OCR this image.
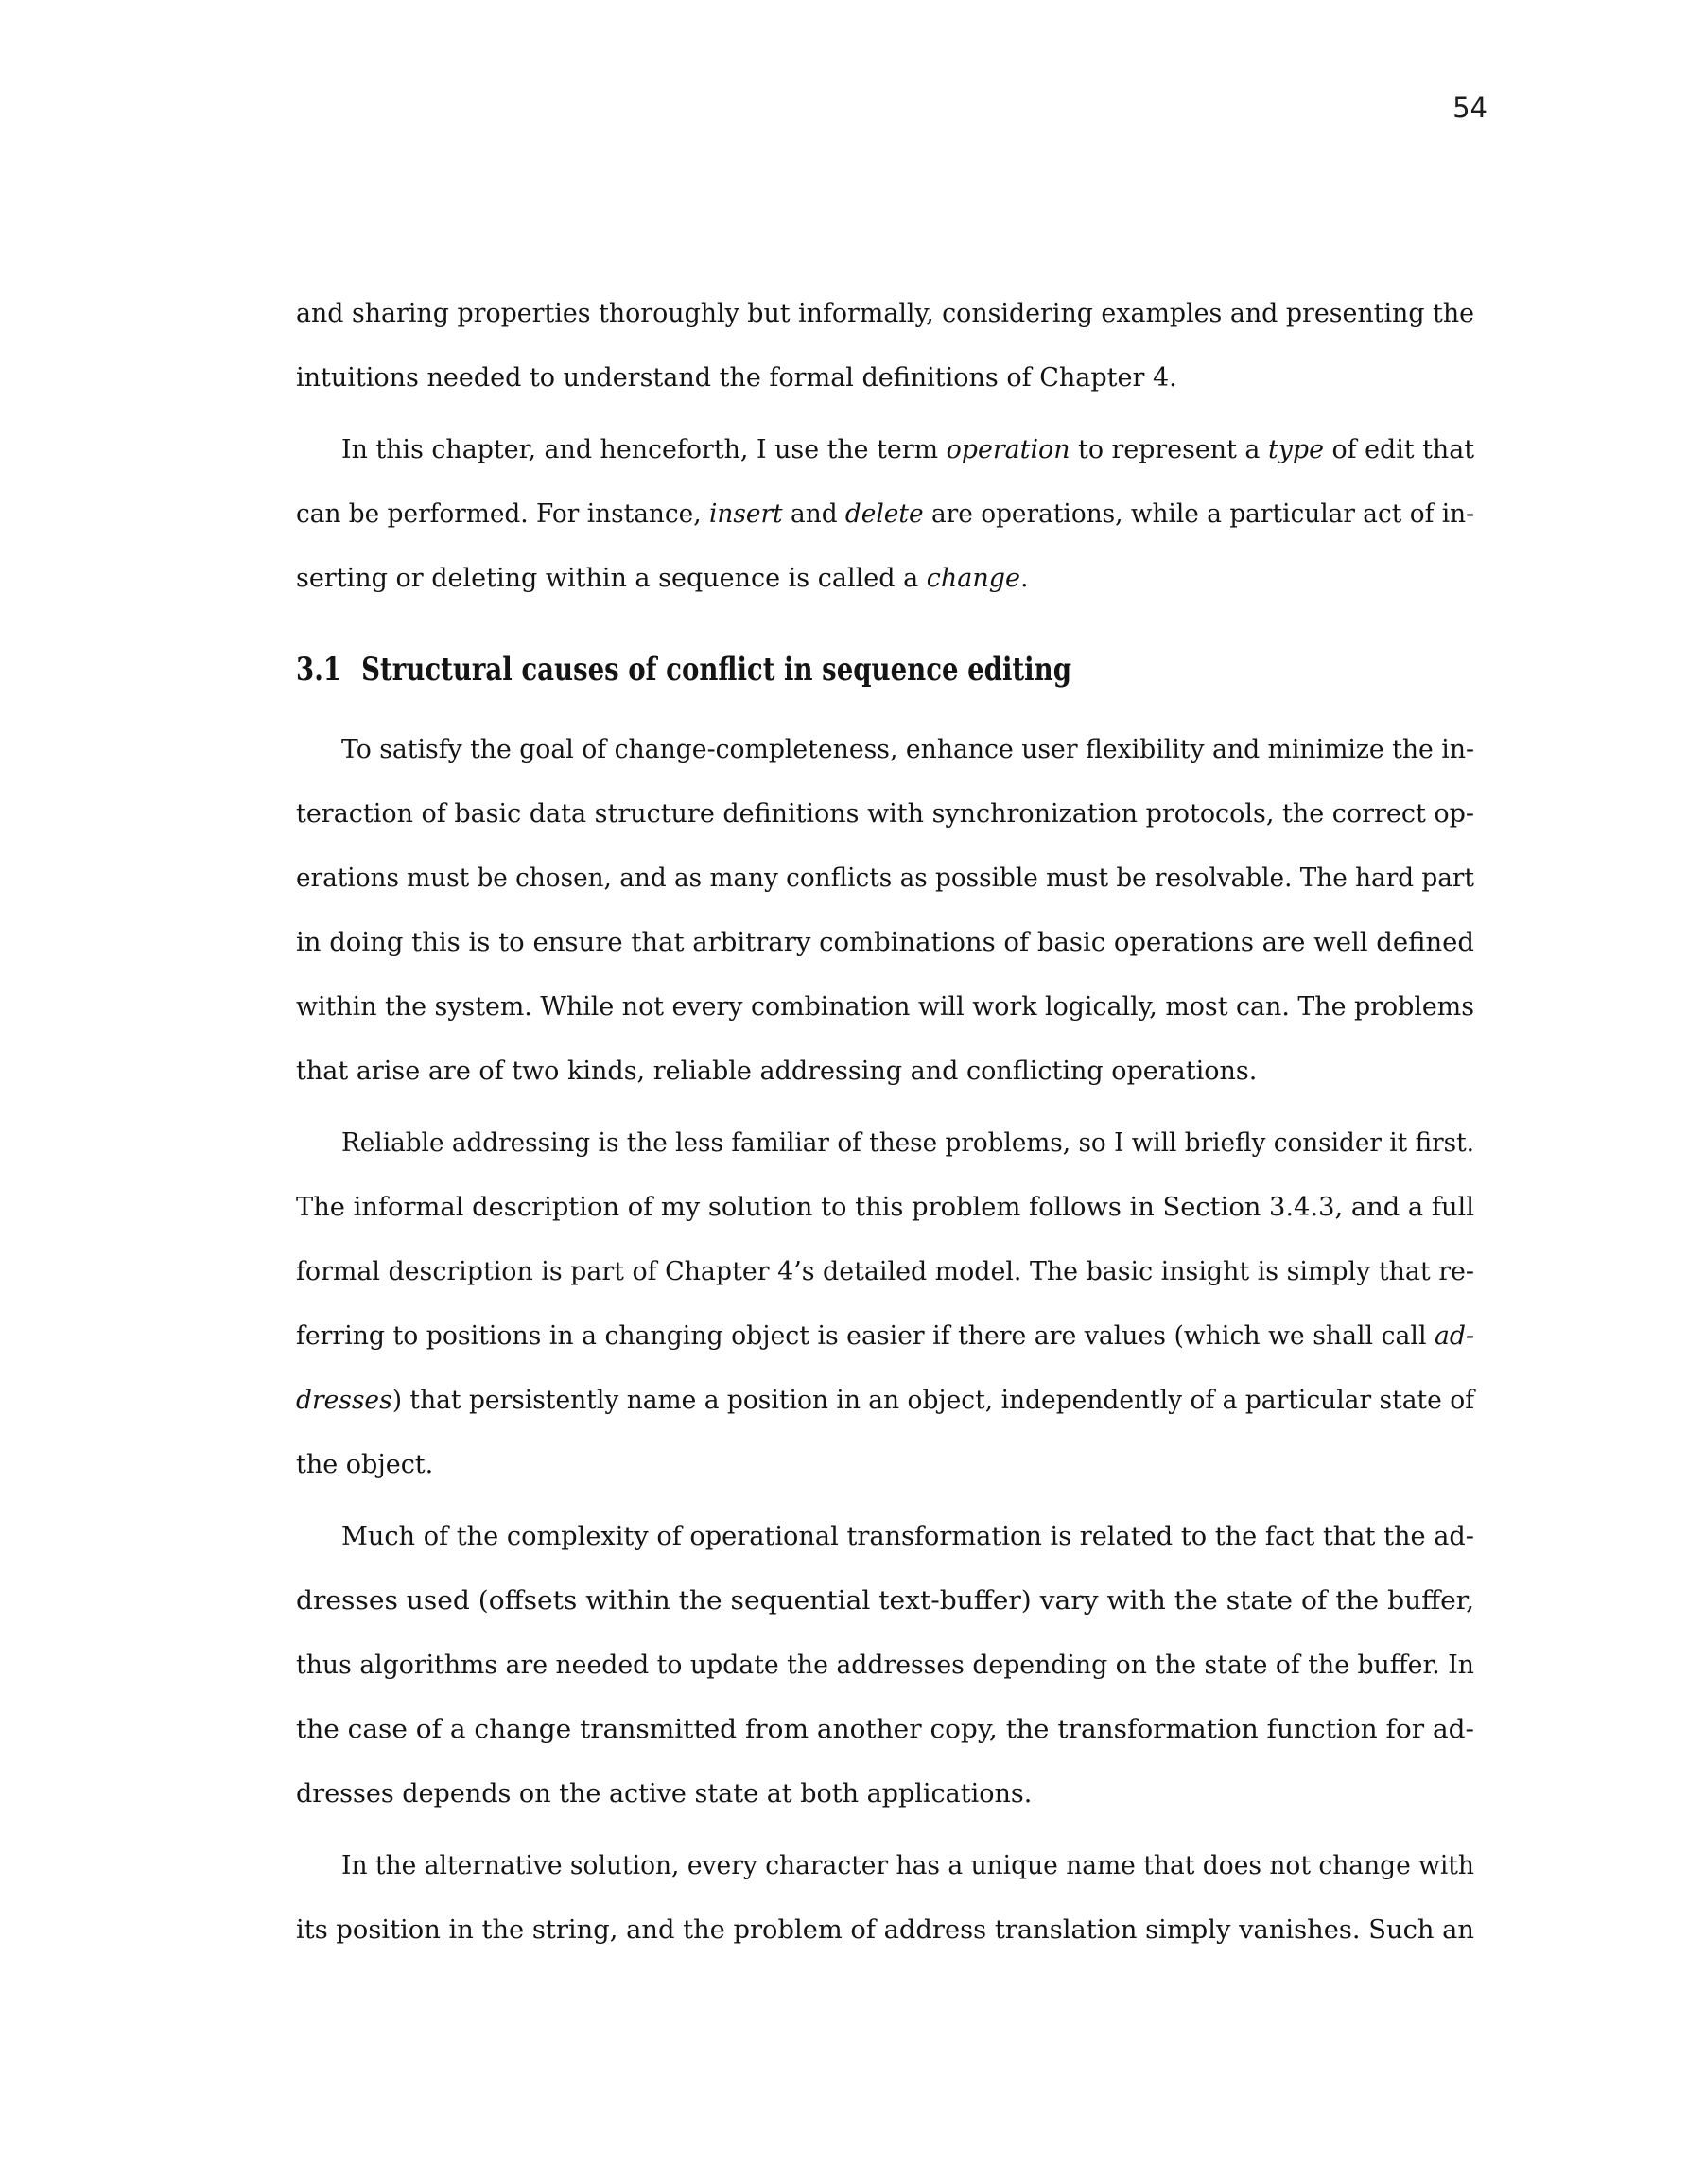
54
and sharing properties thoroughly but informally, considering examples and presenting the
intuitions needed to understand the formal definitions of Chapter 4.
In this chapter, and henceforth, I use the term operation to represent a type of edit that
can be performed. For instance, insert and delete are operations, while a particular act of in-
serting or deleting within a sequence is called a change.
3.1 Structural causes of conflict in sequence editing
To satisfy the goal of change-completeness, enhance user flexibility and minimize the in-
teraction of basic data structure definitions with synchronization protocols, the correct op-
erations must be chosen, and as many conflicts as possible must be resolvable. The hard part
in doing this is to ensure that arbitrary combinations of basic operations are well defined
within the system. While not every combination will work logically, most can. The problems
that arise are of two kinds, reliable addressing and conflicting operations.
Reliable addressing is the less familiar of these problems, so I will briefly consider it first.
The informal description of my solution to this problem follows in Section 3.4.3, and a full
formal description is part of Chapter 4’s detailed model. The basic insight is simply that re-
ferring to positions in a changing object is easier if there are values (which we shall call ad-
dresses) that persistently name a position in an object, independently of a particular state of
the object.
Much of the complexity of operational transformation is related to the fact that the ad-
dresses used (offsets within the sequential text-buffer) vary with the state of the buffer,
thus algorithms are needed to update the addresses depending on the state of the buffer. In
the case of a change transmitted from another copy, the transformation function for ad-
dresses depends on the active state at both applications.
In the alternative solution, every character has a unique name that does not change with
its position in the string, and the problem of address translation simply vanishes. Such an
